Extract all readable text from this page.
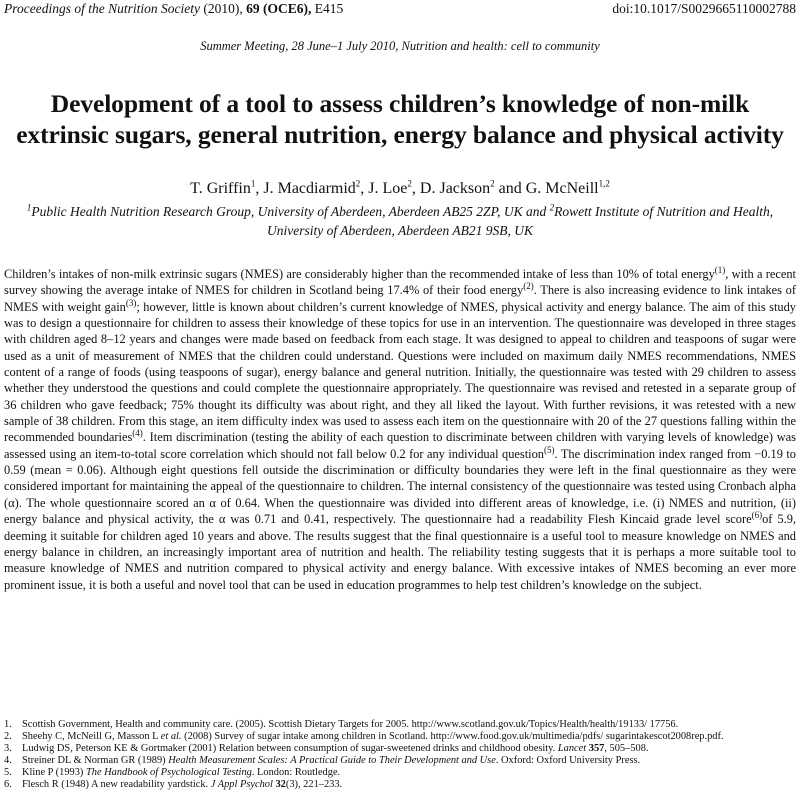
Proceedings of the Nutrition Society (2010), 69 (OCE6), E415	doi:10.1017/S0029665110002788
Summer Meeting, 28 June–1 July 2010, Nutrition and health: cell to community
Development of a tool to assess children’s knowledge of non-milk
extrinsic sugars, general nutrition, energy balance and physical activity
T. Griffin$^1$, J. Macdiarmid$^2$, J. Loe$^2$, D. Jackson$^2$ and G. McNeill$^{1,2}$
$^1$Public Health Nutrition Research Group, University of Aberdeen, Aberdeen AB25 2ZP, UK and $^2$Rowett Institute of Nutrition and Health, University of Aberdeen, Aberdeen AB21 9SB, UK

Children’s intakes of non-milk extrinsic sugars (NMES) are considerably higher than the recommended intake of less than 10% of total energy$^{(1)}$, with a recent survey showing the average intake of NMES for children in Scotland being 17.4% of their food energy$^{(2)}$. There is also increasing evidence to link intakes of NMES with weight gain$^{(3)}$; however, little is known about children’s current knowledge of NMES, physical activity and energy balance. The aim of this study was to design a questionnaire for children to assess their knowledge of these topics for use in an intervention. The questionnaire was developed in three stages with children aged 8–12 years and changes were made based on feedback from each stage. It was designed to appeal to children and teaspoons of sugar were used as a unit of measurement of NMES that the children could understand. Questions were included on maximum daily NMES recommendations, NMES content of a range of foods (using teaspoons of sugar), energy balance and general nutrition. Initially, the questionnaire was tested with 29 children to assess whether they understood the questions and could complete the questionnaire appropriately. The questionnaire was revised and retested in a separate group of 36 children who gave feedback; 75% thought its difficulty was about right, and they all liked the layout. With further revisions, it was retested with a new sample of 38 children. From this stage, an item difficulty index was used to assess each item on the questionnaire with 20 of the 27 questions falling within the recommended boundaries$^{(4)}$. Item discrimination (testing the ability of each question to discriminate between children with varying levels of knowledge) was assessed using an item-to-total score correlation which should not fall below 0.2 for any individual question$^{(5)}$. The discrimination index ranged from −0.19 to 0.59 (mean = 0.06). Although eight questions fell outside the discrimination or difficulty boundaries they were left in the final questionnaire as they were considered important for maintaining the appeal of the questionnaire to children. The internal consistency of the questionnaire was tested using Cronbach alpha (α). The whole questionnaire scored an α of 0.64. When the questionnaire was divided into different areas of knowledge, i.e. (i) NMES and nutrition, (ii) energy balance and physical activity, the α was 0.71 and 0.41, respectively. The questionnaire had a readability Flesh Kincaid grade level score$^{(6)}$of 5.9, deeming it suitable for children aged 10 years and above. The results suggest that the final questionnaire is a useful tool to measure knowledge on NMES and energy balance in children, an increasingly important area of nutrition and health. The reliability testing suggests that it is perhaps a more suitable tool to measure knowledge of NMES and nutrition compared to physical activity and energy balance. With excessive intakes of NMES becoming an ever more prominent issue, it is both a useful and novel tool that can be used in education programmes to help test children’s knowledge on the subject.

1. Scottish Government, Health and community care. (2005). Scottish Dietary Targets for 2005. http://www.scotland.gov.uk/Topics/Health/health/19133/ 17756.
2. Sheehy C, McNeill G, Masson L et al. (2008) Survey of sugar intake among children in Scotland. http://www.food.gov.uk/multimedia/pdfs/ sugarintakescot2008rep.pdf.
3. Ludwig DS, Peterson KE & Gortmaker (2001) Relation between consumption of sugar-sweetened drinks and childhood obesity. Lancet 357, 505–508.
4. Streiner DL & Norman GR (1989) Health Measurement Scales: A Practical Guide to Their Development and Use. Oxford: Oxford University Press.
5. Kline P (1993) The Handbook of Psychological Testing. London: Routledge.
6. Flesch R (1948) A new readability yardstick. J Appl Psychol 32(3), 221–233.
